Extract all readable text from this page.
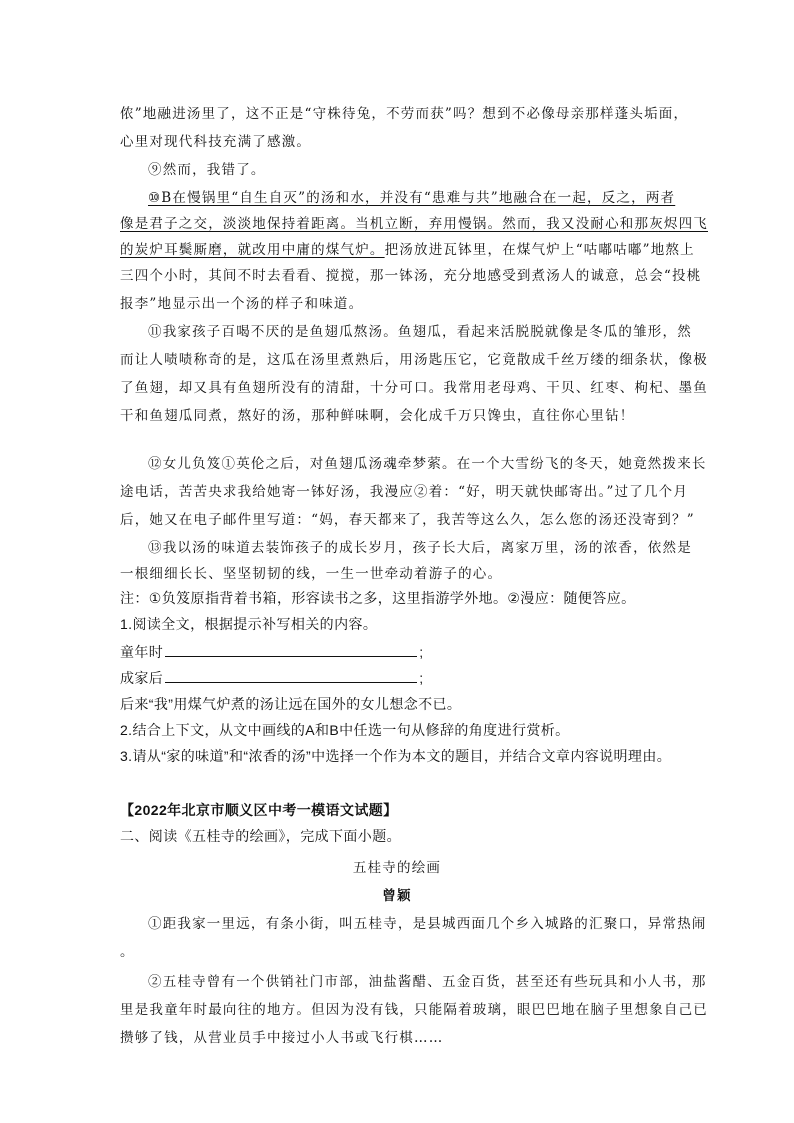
侬”地融进汤里了，这不正是“守株待兔，不劳而获”吗？想到不必像母亲那样蓬头垢面，
心里对现代科技充满了感激。
⑨然而，我错了。
⑩B在慢锅里“自生自灭”的汤和水，并没有“患难与共”地融合在一起，反之，两者
像是君子之交，淡淡地保持着距离。当机立断，弃用慢锅。然而，我又没耐心和那灰烬四飞
的炭炉耳鬓厮磨，就改用中庸的煤气炉。把汤放进瓦钵里，在煤气炉上“咕嘟咕嘟”地熬上
三四个小时，其间不时去看看、搅搅，那一钵汤，充分地感受到煮汤人的诚意，总会“投桃
报李”地显示出一个汤的样子和味道。
⑪我家孩子百喝不厌的是鱼翅瓜熬汤。鱼翅瓜，看起来活脱脱就像是冬瓜的雏形，然
而让人啧啧称奇的是，这瓜在汤里煮熟后，用汤匙压它，它竟散成千丝万缕的细条状，像极
了鱼翅，却又具有鱼翅所没有的清甜，十分可口。我常用老母鸡、干贝、红枣、枸杞、墨鱼
干和鱼翅瓜同煮，熬好的汤，那种鲜味啊，会化成千万只馋虫，直往你心里钻！
⑫女儿负笈①英伦之后，对鱼翅瓜汤魂牵梦萦。在一个大雪纷飞的冬天，她竟然拨来长
途电话，苦苦央求我给她寄一钵好汤，我漫应②着：“好，明天就快邮寄出。”过了几个月
后，她又在电子邮件里写道：“妈，春天都来了，我苦等这么久，怎么您的汤还没寄到？”
⑬我以汤的味道去装饰孩子的成长岁月，孩子长大后，离家万里，汤的浓香，依然是
一根细细长长、坚坚韧韧的线，一生一世牵动着游子的心。
注：①负笈原指背着书箱，形容读书之多，这里指游学外地。②漫应：随便答应。
1.阅读全文，根据提示补写相关的内容。
童年时	;
成家后	;
后来“我”用煤气炉煮的汤让远在国外的女儿想念不已。
2.结合上下文，从文中画线的A和B中任选一句从修辞的角度进行赏析。
3.请从“家的味道”和“浓香的汤”中选择一个作为本文的题目，并结合文章内容说明理由。
【2022年北京市顺义区中考一模语文试题】
二、阅读《五桂寺的绘画》，完成下面小题。
五桂寺的绘画
曾颖
①距我家一里远，有条小街，叫五桂寺，是县城西面几个乡入城路的汇聚口，异常热闹
。
②五桂寺曾有一个供销社门市部，油盐酱醋、五金百货，甚至还有些玩具和小人书，那
里是我童年时最向往的地方。但因为没有钱，只能隔着玻璃，眼巴巴地在脑子里想象自己已
攒够了钱，从营业员手中接过小人书或飞行棋……
